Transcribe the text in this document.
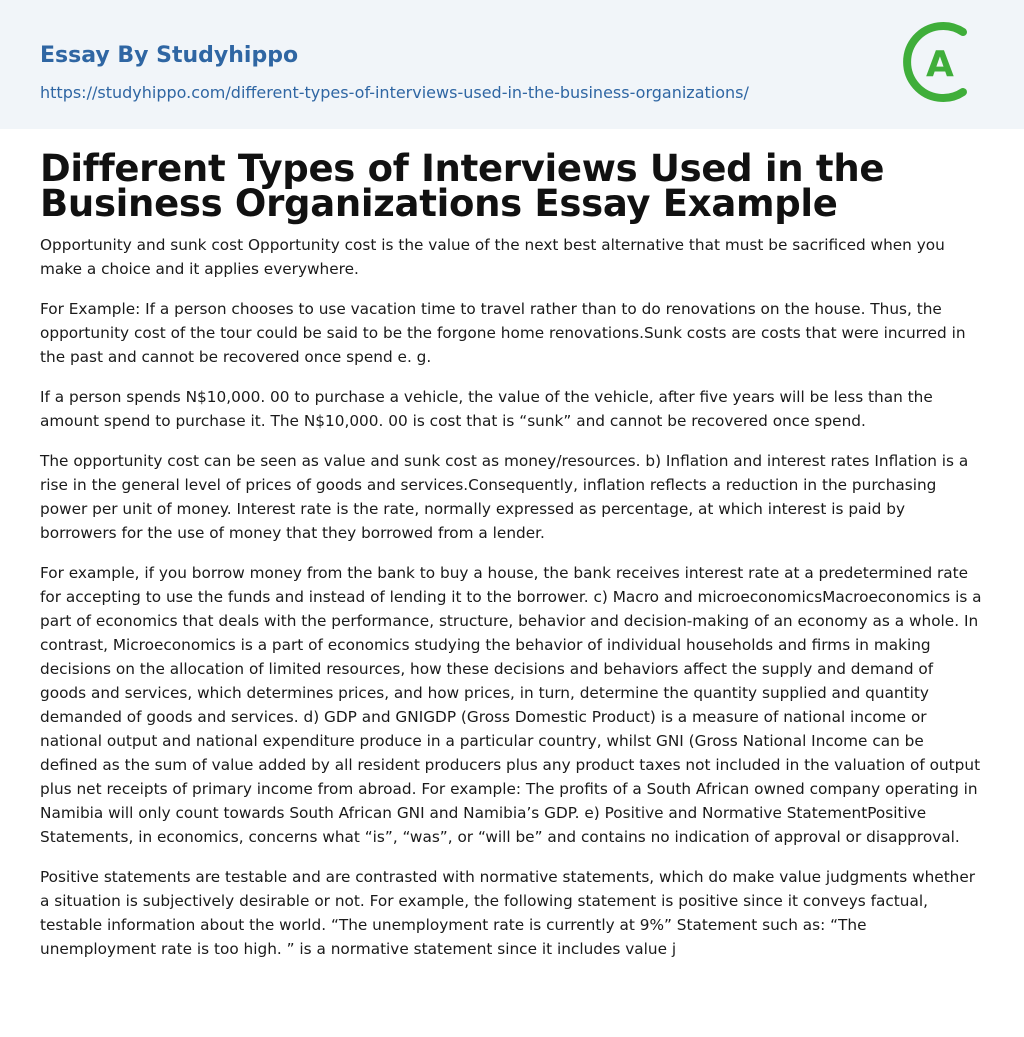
Essay By Studyhippo

https://studyhippo.com/different-types-of-interviews-used-in-the-business-organizations/
A
Different Types of Interviews Used in the Business Organizations Essay Example

Opportunity and sunk cost Opportunity cost is the value of the next best alternative that must be sacrificed when you make a choice and it applies everywhere.

For Example: If a person chooses to use vacation time to travel rather than to do renovations on the house. Thus, the opportunity cost of the tour could be said to be the forgone home renovations.Sunk costs are costs that were incurred in the past and cannot be recovered once spend e. g.

If a person spends N$10,000. 00 to purchase a vehicle, the value of the vehicle, after five years will be less than the amount spend to purchase it. The N$10,000. 00 is cost that is “sunk” and cannot be recovered once spend.

The opportunity cost can be seen as value and sunk cost as money/resources. b) Inflation and interest rates Inflation is a rise in the general level of prices of goods and services.Consequently, inflation reflects a reduction in the purchasing power per unit of money. Interest rate is the rate, normally expressed as percentage, at which interest is paid by borrowers for the use of money that they borrowed from a lender.

For example, if you borrow money from the bank to buy a house, the bank receives interest rate at a predetermined rate for accepting to use the funds and instead of lending it to the borrower. c) Macro and microeconomicsMacroeconomics is a part of economics that deals with the performance, structure, behavior and decision-making of an economy as a whole. In contrast, Microeconomics is a part of economics studying the behavior of individual households and firms in making decisions on the allocation of limited resources, how these decisions and behaviors affect the supply and demand of goods and services, which determines prices, and how prices, in turn, determine the quantity supplied and quantity demanded of goods and services. d) GDP and GNIGDP (Gross Domestic Product) is a measure of national income or national output and national expenditure produce in a particular country, whilst GNI (Gross National Income can be defined as the sum of value added by all resident producers plus any product taxes not included in the valuation of output plus net receipts of primary income from abroad. For example: The profits of a South African owned company operating in Namibia will only count towards South African GNI and Namibia’s GDP. e) Positive and Normative StatementPositive Statements, in economics, concerns what “is”, “was”, or “will be” and contains no indication of approval or disapproval.

Positive statements are testable and are contrasted with normative statements, which do make value judgments whether a situation is subjectively desirable or not. For example, the following statement is positive since it conveys factual, testable information about the world. “The unemployment rate is currently at 9%” Statement such as: “The unemployment rate is too high. ” is a normative statement since it includes value j
